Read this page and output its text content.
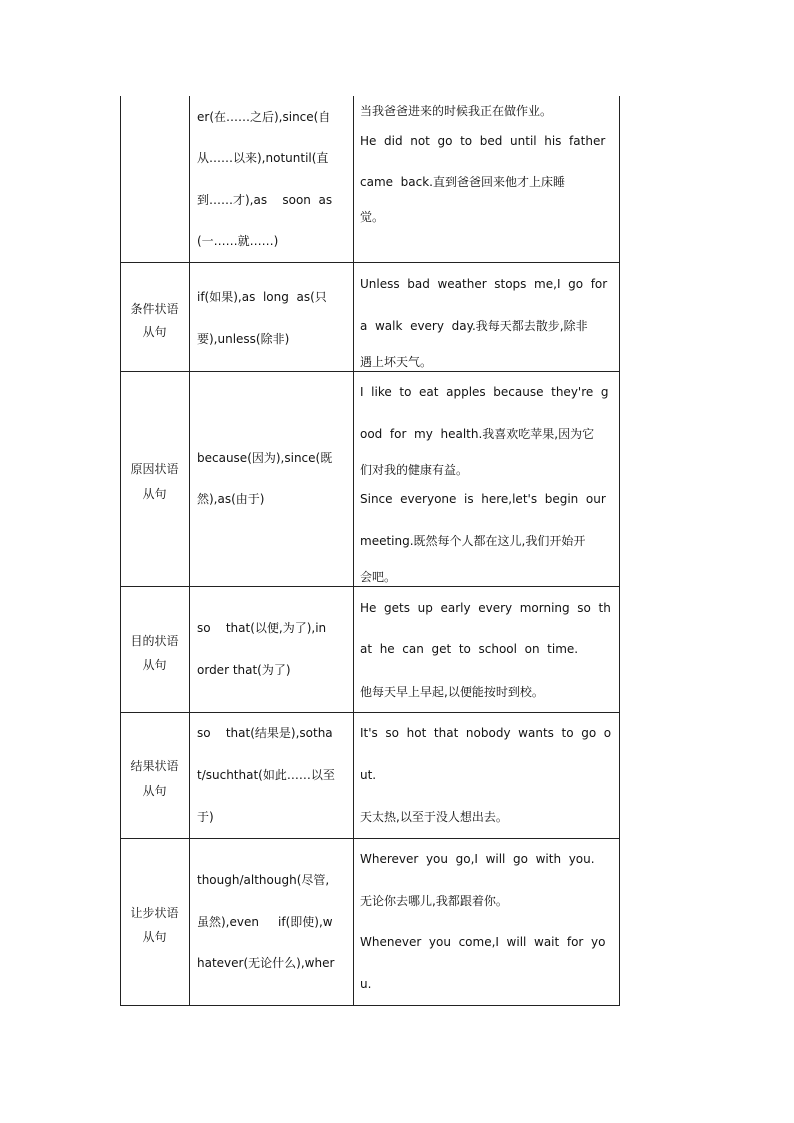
er(在……之后),since(自
从……以来),notuntil(直
到……才),as    soon  as
(一……就……)
当我爸爸进来的时候我正在做作业。
He  did  not  go  to  bed  until  his  father
came  back.直到爸爸回来他才上床睡
觉。
条件状语
从句
if(如果),as  long  as(只
要),unless(除非)
Unless  bad  weather  stops  me,I  go  for
a  walk  every  day.我每天都去散步,除非
遇上坏天气。
原因状语
从句
because(因为),since(既
然),as(由于)
I  like  to  eat  apples  because  they're  g
ood  for  my  health.我喜欢吃苹果,因为它
们对我的健康有益。
Since  everyone  is  here,let's  begin  our
meeting.既然每个人都在这儿,我们开始开
会吧。
目的状语
从句
so    that(以便,为了),in
order that(为了)
He  gets  up  early  every  morning  so  th
at  he  can  get  to  school  on  time.
他每天早上早起,以便能按时到校。
结果状语
从句
so    that(结果是),sotha
t/suchthat(如此……以至
于)
It's  so  hot  that  nobody  wants  to  go  o
ut.
天太热,以至于没人想出去。
让步状语
从句
though/although(尽管,
虽然),even     if(即使),w
hatever(无论什么),wher
Wherever  you  go,I  will  go  with  you.
无论你去哪儿,我都跟着你。
Whenever  you  come,I  will  wait  for  yo
u.
